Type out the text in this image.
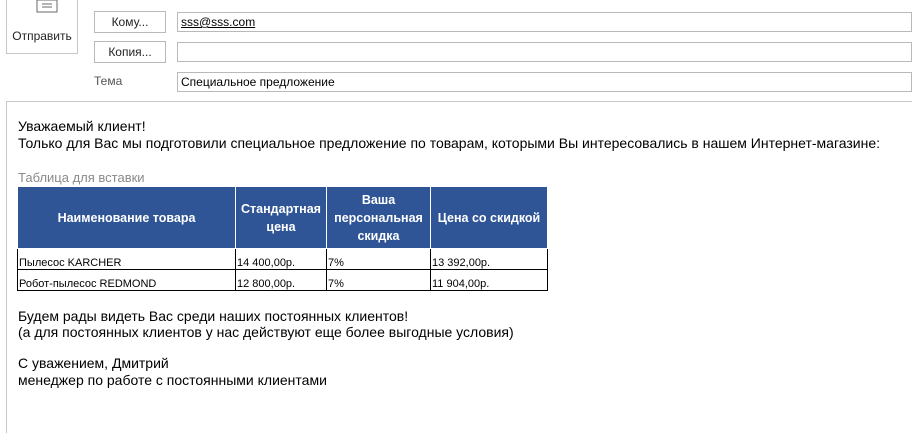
Отправить
Кому...	sss@sss.com
Копия...
Тема	Специальное предложение
Уважаемый клиент!
Только для Вас мы подготовили специальное предложение по товарам, которыми Вы интересовались в нашем Интернет-магазине:
Таблица для вставки
Наименование товара	Стандартная цена	Ваша персональная скидка	Цена со скидкой
Пылесос KARCHER	14 400,00р.	7%	13 392,00р.
Робот-пылесос REDMOND	12 800,00р.	7%	11 904,00р.
Будем рады видеть Вас среди наших постоянных клиентов!
(а для постоянных клиентов у нас действуют еще более выгодные условия)
С уважением, Дмитрий
менеджер по работе с постоянными клиентами
